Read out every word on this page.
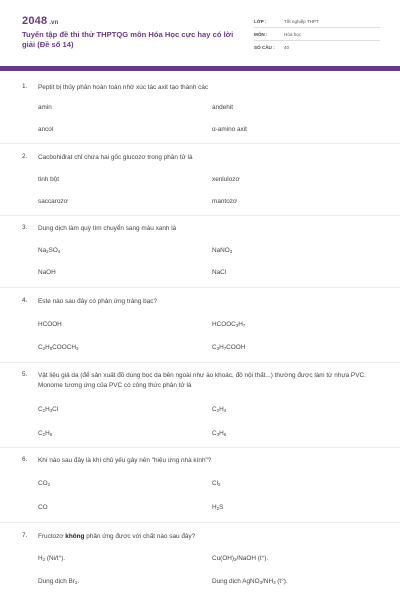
2048 .vn
Tuyển tập đề thi thử THPTQG môn Hóa Học cực hay có lời giải (Đề số 14)
LỚP :	Tốt nghiệp THPT
MÔN :	Hóa học
SỐ CÂU :	40
1. Peptit bị thủy phân hoàn toàn nhờ xúc tác axit tạo thành các
amin	andehit
ancol	α-amino axit
2. Cacbohiđrat chỉ chứa hai gốc glucozơ trong phân tử là
tinh bột	xenlulozơ
saccarozơ	mantozơ
3. Dung dịch làm quỳ tím chuyển sang màu xanh là
$Na_2SO_4$	NaNO$_3$
NaOH	NaCl
4. Este nào sau đây có phản ứng tráng bạc?
HCOOH	$HCOOC_3H_7$
$C_2H_5COOCH_3$	$C_3H_7COOH$
5. Vật liệu giả da (để sản xuất đồ dùng bọc da bên ngoài như áo khoác, đồ nội thất...) thường được làm từ nhựa PVC. Monome tương ứng của PVC có công thức phân tử là
$C_2H_3Cl$	$C_2H_4$
$C_2H_6$	$C_3H_6$
6. Khí nào sau đây là khí chủ yếu gây nên "hiệu ứng nhà kính"?
$CO_2$	$Cl_2$
CO	$H_2S$
7. Fructozơ không phản ứng được với chất nào sau đây?
$H_2$ (Ni/t°).	$Cu(OH)_2$/NaOH (t°).
Dung dịch $Br_2$.	Dung dịch $AgNO_3/NH_3$ (t°).
